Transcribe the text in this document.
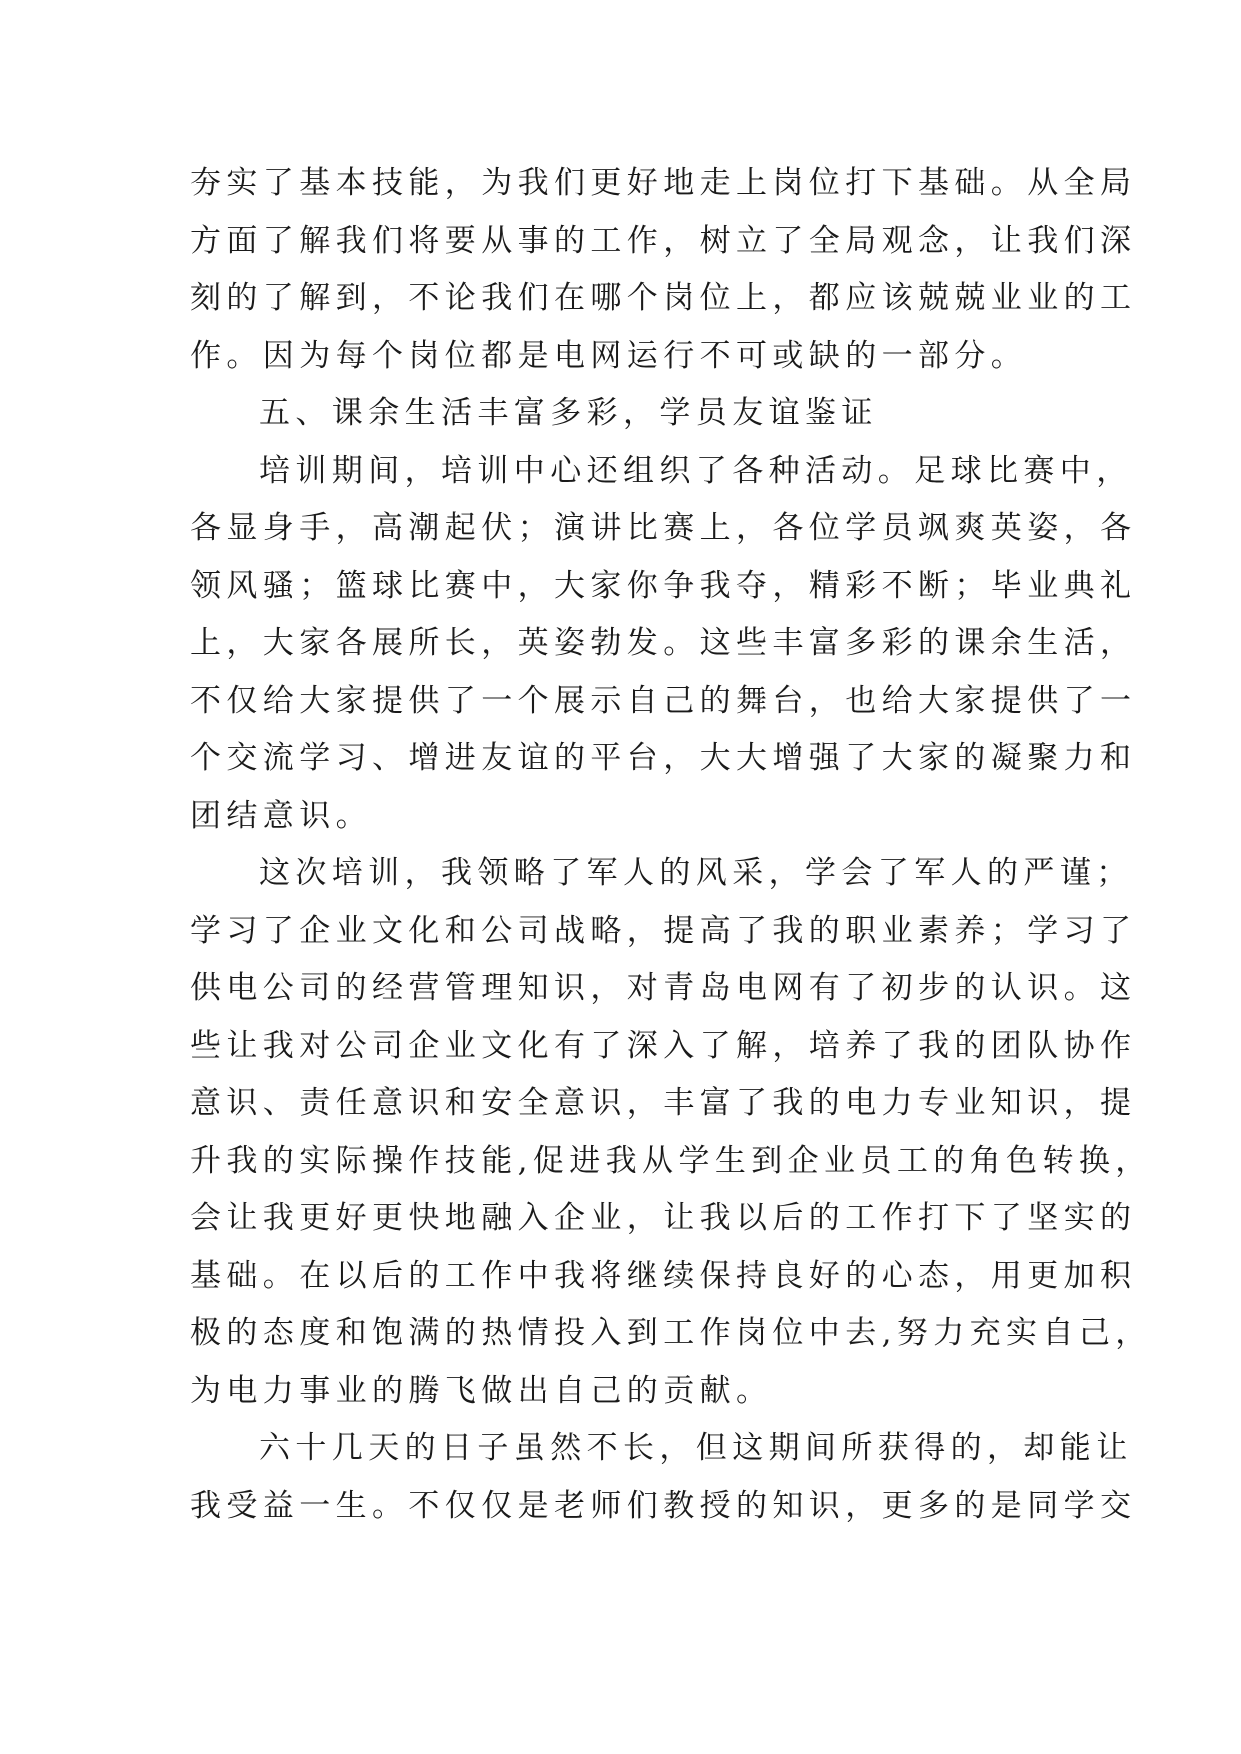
夯实了基本技能，为我们更好地走上岗位打下基础。从全局
方面了解我们将要从事的工作，树立了全局观念，让我们深
刻的了解到，不论我们在哪个岗位上，都应该兢兢业业的工
作。因为每个岗位都是电网运行不可或缺的一部分。
五、课余生活丰富多彩，学员友谊鉴证
培训期间，培训中心还组织了各种活动。足球比赛中，
各显身手，高潮起伏；演讲比赛上，各位学员飒爽英姿，各
领风骚；篮球比赛中，大家你争我夺，精彩不断；毕业典礼
上，大家各展所长，英姿勃发。这些丰富多彩的课余生活，
不仅给大家提供了一个展示自己的舞台，也给大家提供了一
个交流学习、增进友谊的平台，大大增强了大家的凝聚力和
团结意识。
这次培训，我领略了军人的风采，学会了军人的严谨；
学习了企业文化和公司战略，提高了我的职业素养；学习了
供电公司的经营管理知识，对青岛电网有了初步的认识。这
些让我对公司企业文化有了深入了解，培养了我的团队协作
意识、责任意识和安全意识，丰富了我的电力专业知识，提
升我的实际操作技能,促进我从学生到企业员工的角色转换，
会让我更好更快地融入企业，让我以后的工作打下了坚实的
基础。在以后的工作中我将继续保持良好的心态，用更加积
极的态度和饱满的热情投入到工作岗位中去,努力充实自己，
为电力事业的腾飞做出自己的贡献。
六十几天的日子虽然不长，但这期间所获得的，却能让
我受益一生。不仅仅是老师们教授的知识，更多的是同学交
